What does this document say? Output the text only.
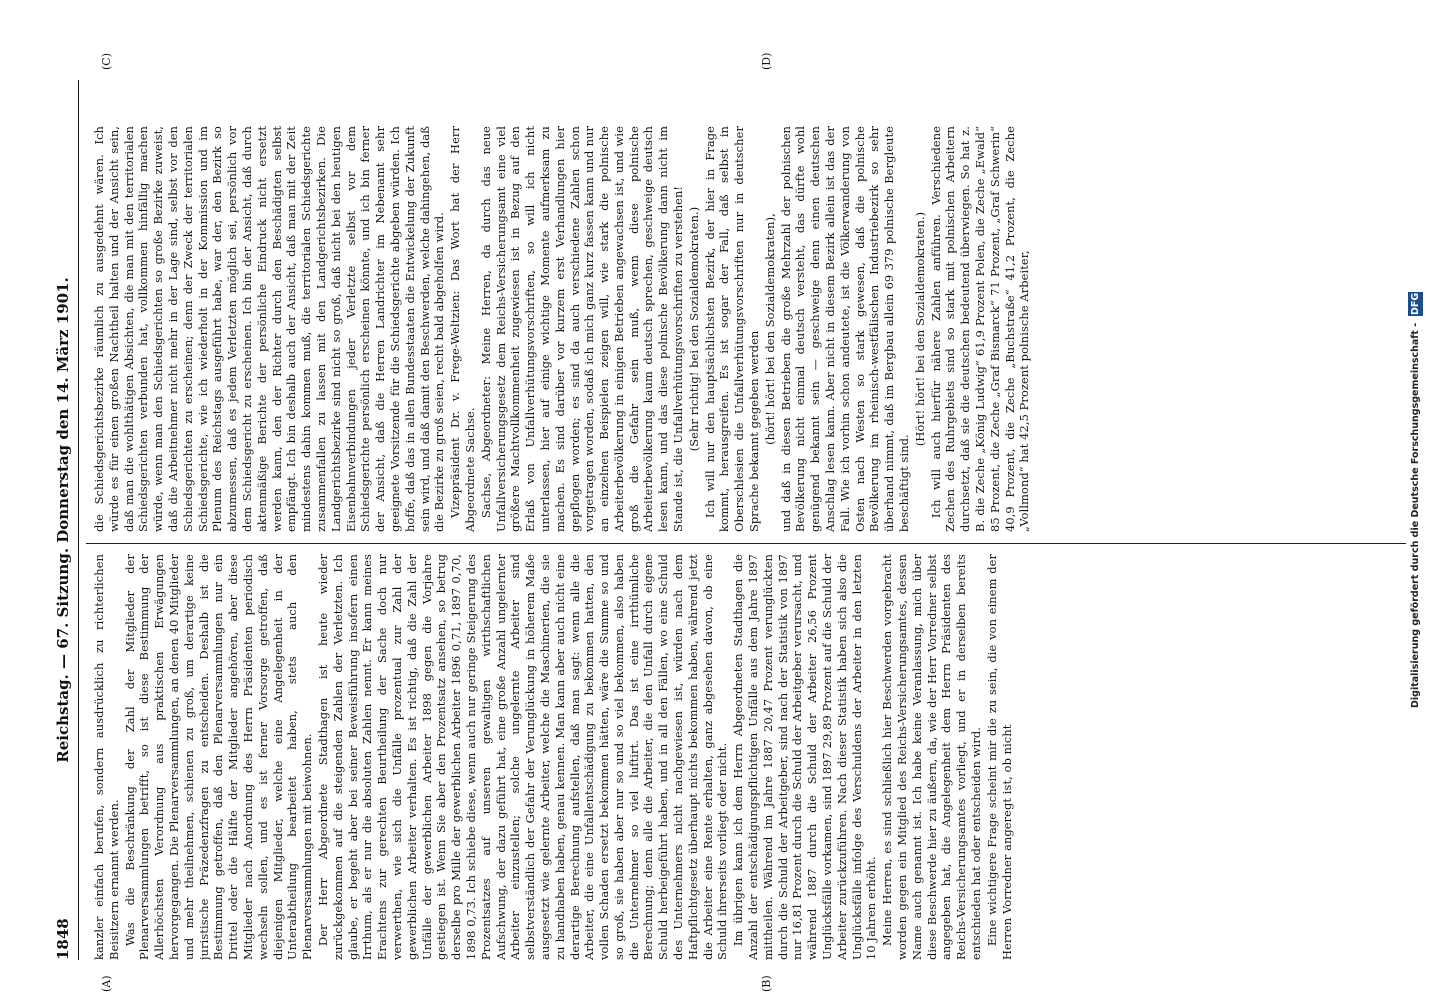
1848
Reichstag. — 67. Sitzung. Donnerstag den 14. März 1901.
(A)	(B)
(C)	(D)

kanzler einfach berufen, sondern ausdrücklich zu richterlichen Beisitzern ernannt werden. Was die Beschränkung der Zahl der Mitglieder der Plenarversammlungen betrifft, so ist diese Bestimmung der Allerhöchsten Verordnung aus praktischen Erwägungen hervorgegangen. Die Plenarversammlungen, an denen 40 Mitglieder und mehr theilnehmen, schienen zu groß, um derartige keine juristische Präzedenzfragen zu entscheiden. Deshalb ist die Bestimmung getroffen, daß den Plenarversammlungen nur ein Drittel oder die Hälfte der Mitglieder angehören, aber diese Mitglieder nach Anordnung des Herrn Präsidenten periodisch wechseln sollen, und es ist ferner Vorsorge getroffen, daß diejenigen Mitglieder, welche eine Angelegenheit in der Unterabtheilung bearbeitet haben, stets auch den Plenarversammlungen mit beiwohnen. Der Herr Abgeordnete Stadthagen ist heute wieder zurückgekommen auf die steigenden Zahlen der Verletzten. Ich glaube, er begeht aber bei seiner Beweisführung insofern einen Irrthum, als er nur die absoluten Zahlen nennt. Er kann meines Erachtens zur gerechten Beurtheilung der Sache doch nur verwerthen, wie sich die Unfälle prozentual zur Zahl der gewerblichen Arbeiter verhalten. Es ist richtig, daß die Zahl der Unfälle der gewerblichen Arbeiter 1898 gegen die Vorjahre gestiegen ist. Wenn Sie aber den Prozentsatz ansehen, so betrug derselbe pro Mille der gewerblichen Arbeiter 1896 0,71, 1897 0,70, 1898 0,73. Ich schiebe diese, wenn auch nur geringe Steigerung des Prozentsatzes auf unseren gewaltigen wirthschaftlichen Aufschwung, der dazu geführt hat, eine große Anzahl ungelernter Arbeiter einzustellen; solche ungelernte Arbeiter sind selbstverständlich der Gefahr der Verunglückung in höherem Maße ausgesetzt wie gelernte Arbeiter, welche die Maschinerien, die sie zu handhaben haben, genau kennen. Man kann aber auch nicht eine derartige Berechnung aufstellen, daß man sagt: wenn alle die Arbeiter, die eine Unfallentschädigung zu bekommen hatten, den vollen Schaden ersetzt bekommen hätten, wäre die Summe so und so groß, sie haben aber nur so und so viel bekommen, also haben die Unternehmer so viel luftirt. Das ist eine irrthümliche Berechnung; denn alle die Arbeiter, die den Unfall durch eigene Schuld herbeigeführt haben, und in all den Fällen, wo eine Schuld des Unternehmers nicht nachgewiesen ist, würden nach dem Haftpflichtgesetz überhaupt nichts bekommen haben, während jetzt die Arbeiter eine Rente erhalten, ganz abgesehen davon, ob eine Schuld ihrerseits vorliegt oder nicht. Im übrigen kann ich dem Herrn Abgeordneten Stadthagen die Anzahl der entschädigungspflichtigen Unfälle aus dem Jahre 1897 mittheilen. Während im Jahre 1887 20,47 Prozent verunglückten durch die Schuld der Arbeitgeber, sind nach der Statistik von 1897 nur 16,81 Prozent durch die Schuld der Arbeitgeber verursacht, und während 1887 durch die Schuld der Arbeiter 26,56 Prozent Unglücksfälle vorkamen, sind 1897 29,89 Prozent auf die Schuld der Arbeiter zurückzuführen. Nach dieser Statistik haben sich also die Unglücksfälle infolge des Verschuldens der Arbeiter in den letzten 10 Jahren erhöht. Meine Herren, es sind schließlich hier Beschwerden vorgebracht worden gegen ein Mitglied des Reichs-Versicherungsamtes, dessen Name auch genannt ist. Ich habe keine Veranlassung, mich über diese Beschwerde hier zu äußern, da, wie der Herr Vorredner selbst angegeben hat, die Angelegenheit dem Herrn Präsidenten des Reichs-Versicherungsamtes vorliegt, und er in derselben bereits entschieden hat oder entscheiden wird. Eine wichtigere Frage scheint mir die zu sein, die von einem der Herren Vorredner angeregt ist, ob nicht

die Schiedsgerichtsbezirke räumlich zu ausgedehnt wären. Ich würde es für einen großen Nachtheil halten und der Ansicht sein, daß man die wohlthätigen Absichten, die man mit den territorialen Schiedsgerichten verbunden hat, vollkommen hinfällig machen würde, wenn man den Schiedsgerichten so große Bezirke zuweist, daß die Arbeitnehmer nicht mehr in der Lage sind, selbst vor den Schiedsgerichten zu erscheinen; denn der Zweck der territorialen Schiedsgerichte, wie ich wiederholt in der Kommission und im Plenum des Reichstags ausgeführt habe, war der, den Bezirk so abzumessen, daß es jedem Verletzten möglich sei, persönlich vor dem Schiedsgericht zu erscheinen. Ich bin der Ansicht, daß durch aktenmäßige Berichte der persönliche Eindruck nicht ersetzt werden kann, den der Richter durch den Beschädigten selbst empfängt. Ich bin deshalb auch der Ansicht, daß man mit der Zeit mindestens dahin kommen muß, die territorialen Schiedsgerichte zusammenfallen zu lassen mit den Landgerichtsbezirken. Die Landgerichtsbezirke sind nicht so groß, daß nicht bei den heutigen Eisenbahnverbindungen jeder Verletzte selbst vor dem Schiedsgerichte persönlich erscheinen könnte, und ich bin ferner der Ansicht, daß die Herren Landrichter im Nebenamt sehr geeignete Vorsitzende für die Schiedsgerichte abgeben würden. Ich hoffe, daß das in allen Bundesstaaten die Entwickelung der Zukunft sein wird, und daß damit den Beschwerden, welche dahingehen, daß die Bezirke zu groß seien, recht bald abgeholfen wird. Vizepräsident Dr. v. Frege-Weltzien: Das Wort hat der Herr Abgeordnete Sachse. Sachse, Abgeordneter: Meine Herren, da durch das neue Unfallversicherungsgesetz dem Reichs-Versicherungsamt eine viel größere Machtvollkommenheit zugewiesen ist in Bezug auf den Erlaß von Unfallverhütungsvorschriften, so will ich nicht unterlassen, hier auf einige wichtige Momente aufmerksam zu machen. Es sind darüber vor kurzem erst Verhandlungen hier gepflogen worden; es sind da auch verschiedene Zahlen schon vorgetragen worden, sodaß ich mich ganz kurz fassen kann und nur an einzelnen Beispielen zeigen will, wie stark die polnische Arbeiterbevölkerung in einigen Betrieben angewachsen ist, und wie groß die Gefahr sein muß, wenn diese polnische Arbeiterbevölkerung kaum deutsch sprechen, geschweige deutsch lesen kann, und das diese polnische Bevölkerung dann nicht im Stande ist, die Unfallverhütungsvorschriften zu verstehen! (Sehr richtig! bei den Sozialdemokraten.) Ich will nur den hauptsächlichsten Bezirk, der hier in Frage kommt, herausgreifen. Es ist sogar der Fall, daß selbst in Oberschlesien die Unfallverhütungsvorschriften nur in deutscher Sprache bekannt gegeben werden (hört! hört! bei den Sozialdemokraten), und daß in diesen Betrieben die große Mehrzahl der polnischen Bevölkerung nicht einmal deutsch versteht, das dürfte wohl genügend bekannt sein — geschweige denn einen deutschen Anschlag lesen kann. Aber nicht in diesem Bezirk allein ist das der Fall. Wie ich vorhin schon andeutete, ist die Völkerwanderung von Osten nach Westen so stark gewesen, daß die polnische Bevölkerung im rheinisch-westfälischen Industriebezirk so sehr überhand nimmt, daß im Bergbau allein 69 379 polnische Bergleute beschäftigt sind.

(Hört! hört! bei den Sozialdemokraten.) Ich will auch hierfür nähere Zahlen anführen. Verschiedene Zechen des Ruhrgebiets sind so stark mit polnischen Arbeitern durchsetzt, daß sie die deutschen bedeutend überwiegen. So hat z. B. die Zeche „König Ludwig“ 61,9 Prozent Polen, die Zeche „Ewald“ 85 Prozent, die Zeche „Graf Bismarck“ 71 Prozent, „Graf Schwerin“ 40,9 Prozent, die Zeche „Buchstraße“ 41,2 Prozent, die Zeche „Vollmond“ hat 42,5 Prozent polnische Arbeiter,	Digitalisierung gefördert durch die Deutsche Forschungsgemeinschaft - DFG
